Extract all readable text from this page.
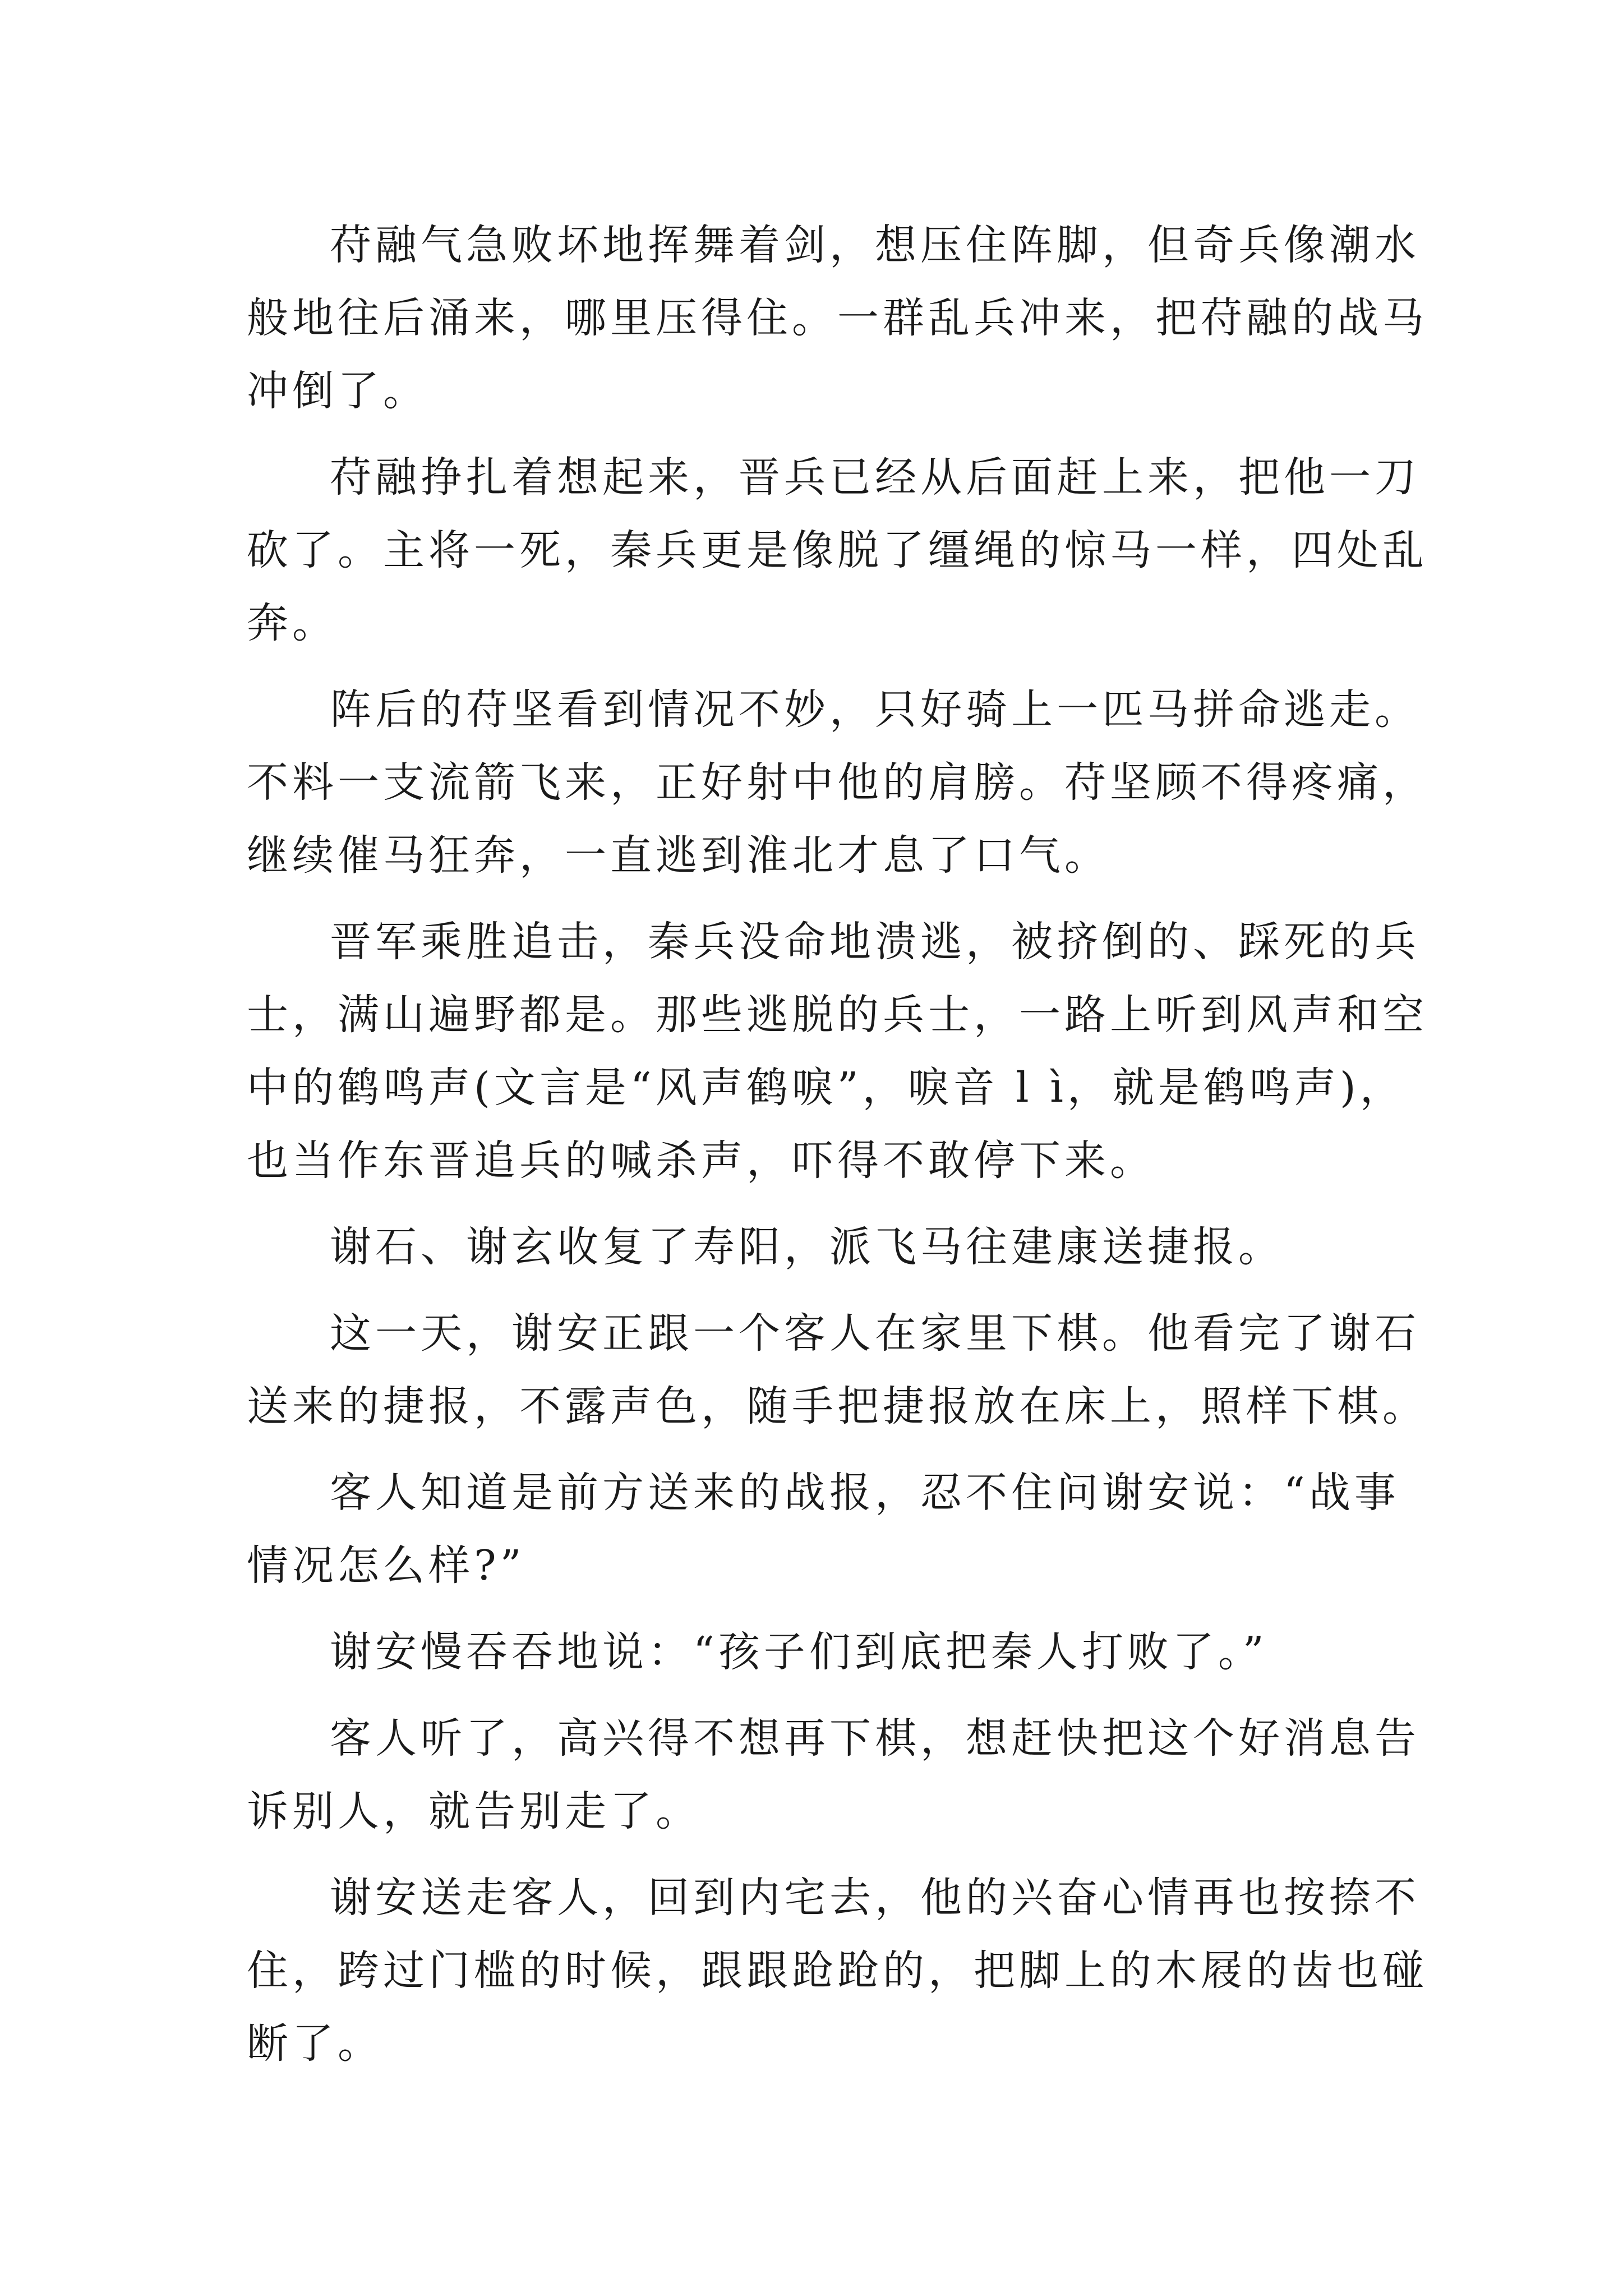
苻融气急败坏地挥舞着剑，想压住阵脚，但奇兵像潮水
般地往后涌来，哪里压得住。一群乱兵冲来，把苻融的战马
冲倒了。
苻融挣扎着想起来，晋兵已经从后面赶上来，把他一刀
砍了。主将一死，秦兵更是像脱了缰绳的惊马一样，四处乱
奔。
阵后的苻坚看到情况不妙，只好骑上一匹马拼命逃走。
不料一支流箭飞来，正好射中他的肩膀。苻坚顾不得疼痛，
继续催马狂奔，一直逃到淮北才息了口气。
晋军乘胜追击，秦兵没命地溃逃，被挤倒的、踩死的兵
士，满山遍野都是。那些逃脱的兵士，一路上听到风声和空
中的鹤鸣声(文言是“风声鹤唳”，唳音 l ì，就是鹤鸣声)，
也当作东晋追兵的喊杀声，吓得不敢停下来。
谢石、谢玄收复了寿阳，派飞马往建康送捷报。
这一天，谢安正跟一个客人在家里下棋。他看完了谢石
送来的捷报，不露声色，随手把捷报放在床上，照样下棋。
客人知道是前方送来的战报，忍不住问谢安说：“战事
情况怎么样?”
谢安慢吞吞地说：“孩子们到底把秦人打败了。”
客人听了，高兴得不想再下棋，想赶快把这个好消息告
诉别人，就告别走了。
谢安送走客人，回到内宅去，他的兴奋心情再也按捺不
住，跨过门槛的时候，跟跟跄跄的，把脚上的木屐的齿也碰
断了。
